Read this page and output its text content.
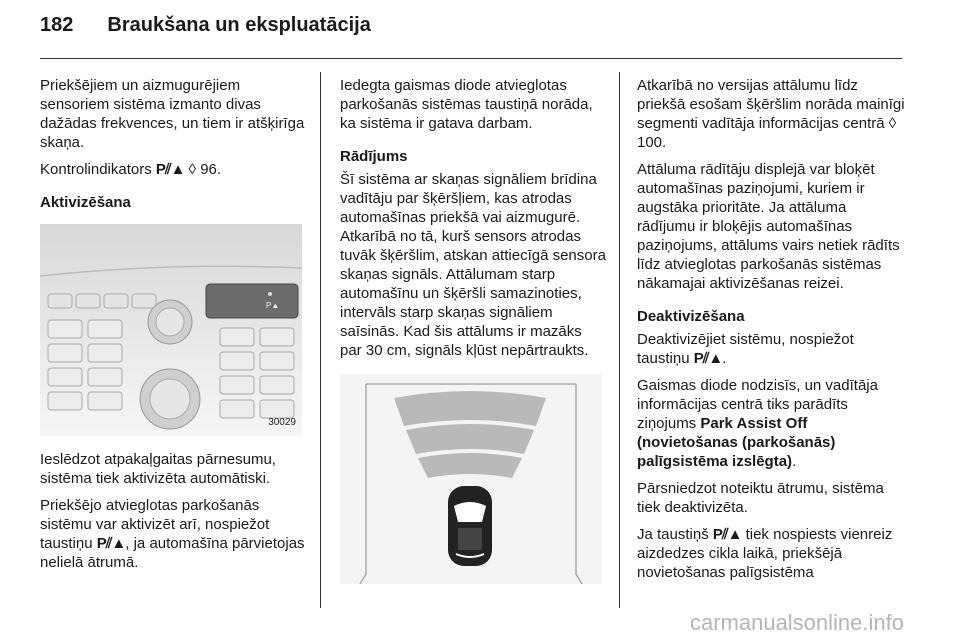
182 Braukšana un ekspluatācija

Priekšējiem un aizmugurējiem sensoriem sistēma izmanto divas dažādas frekvences, un tiem ir atšķirīga skaņa.

Kontrolindikators P⫽▲ ◊ 96.

Aktivizēšana
P▲
30029

Ieslēdzot atpakaļgaitas pārnesumu, sistēma tiek aktivizēta automātiski.

Priekšējo atvieglotas parkošanās sistēmu var aktivizēt arī, nospiežot taustiņu P⫽▲, ja automašīna pārvietojas nelielā ātrumā.

Iedegta gaismas diode atvieglotas parkošanās sistēmas taustiņā norāda, ka sistēma ir gatava darbam.

Rādījums

Šī sistēma ar skaņas signāliem brīdina vadītāju par šķēršļiem, kas atrodas automašīnas priekšā vai aizmugurē. Atkarībā no tā, kurš sensors atrodas tuvāk šķēršlim, atskan attiecīgā sensora skaņas signāls. Attālumam starp automašīnu un šķēršli samazinoties, intervāls starp skaņas signāliem saīsinās. Kad šis attālums ir mazāks par 30 cm, signāls kļūst nepārtraukts.

Atkarībā no versijas attālumu līdz priekšā esošam šķēršlim norāda mainīgi segmenti vadītāja informācijas centrā ◊ 100.

Attāluma rādītāju displejā var bloķēt automašīnas paziņojumi, kuriem ir augstāka prioritāte. Ja attāluma rādījumu ir bloķējis automašīnas paziņojums, attālums vairs netiek rādīts līdz atvieglotas parkošanās sistēmas nākamajai aktivizēšanas reizei.

Deaktivizēšana

Deaktivizējiet sistēmu, nospiežot taustiņu P⫽▲.

Gaismas diode nodzisīs, un vadītāja informācijas centrā tiks parādīts ziņojums Park Assist Off (novietošanas (parkošanās) palīgsistēma izslēgta).

Pārsniedzot noteiktu ātrumu, sistēma tiek deaktivizēta.

Ja taustiņš P⫽▲ tiek nospiests vienreiz aizdedzes cikla laikā, priekšējā novietošanas palīgsistēma

carmanualsonline.info
